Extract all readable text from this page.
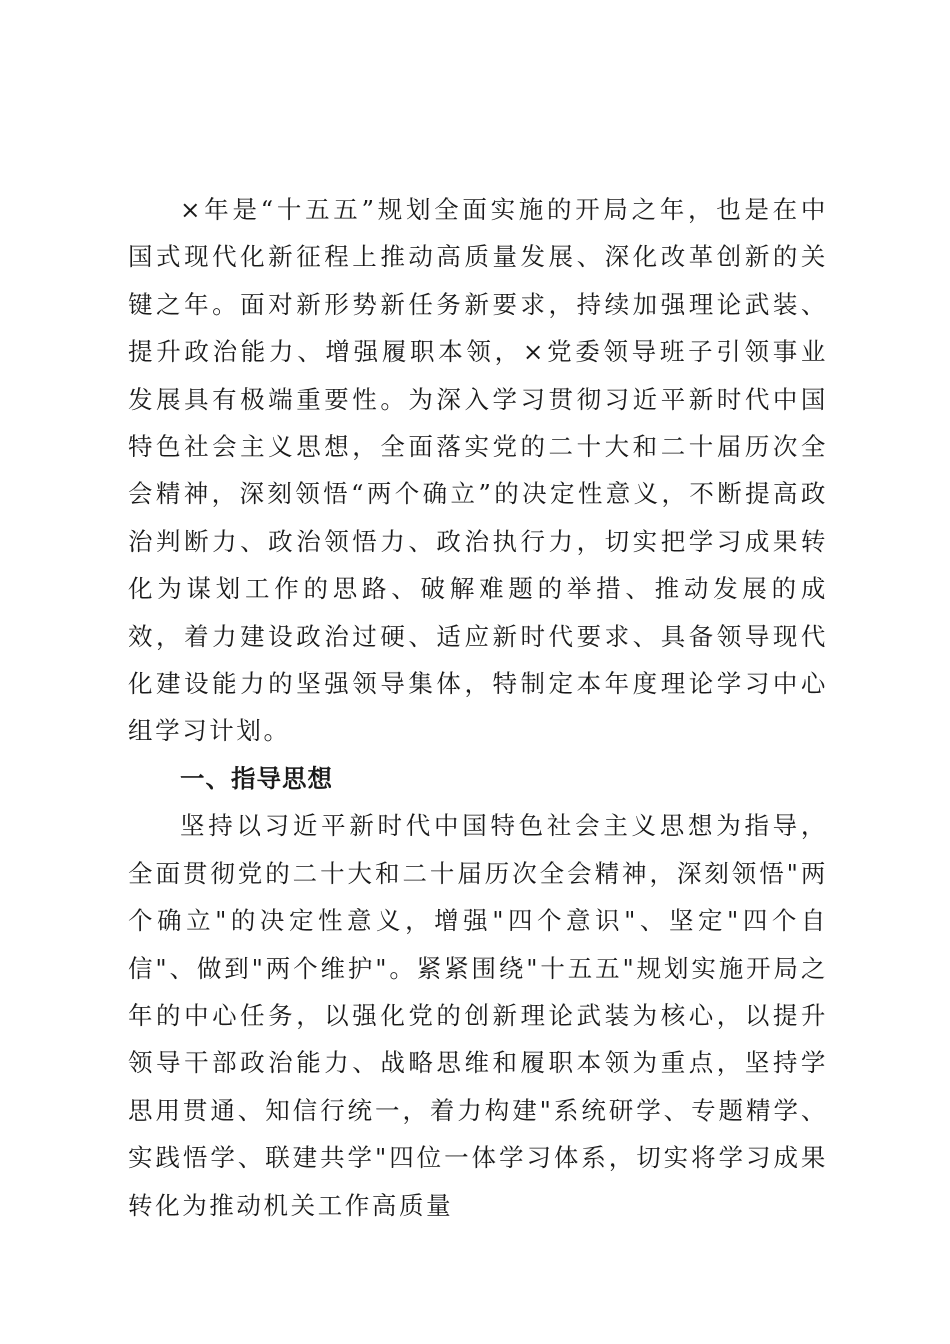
×年是“十五五”规划全面实施的开局之年，也是在中国式现代化新征程上推动高质量发展、深化改革创新的关键之年。面对新形势新任务新要求，持续加强理论武装、提升政治能力、增强履职本领，×党委领导班子引领事业发展具有极端重要性。为深入学习贯彻习近平新时代中国特色社会主义思想，全面落实党的二十大和二十届历次全会精神，深刻领悟“两个确立”的决定性意义，不断提高政治判断力、政治领悟力、政治执行力，切实把学习成果转化为谋划工作的思路、破解难题的举措、推动发展的成效，着力建设政治过硬、适应新时代要求、具备领导现代化建设能力的坚强领导集体，特制定本年度理论学习中心组学习计划。

一、指导思想

坚持以习近平新时代中国特色社会主义思想为指导，全面贯彻党的二十大和二十届历次全会精神，深刻领悟"两个确立"的决定性意义，增强"四个意识"、坚定"四个自信"、做到"两个维护"。紧紧围绕"十五五"规划实施开局之年的中心任务，以强化党的创新理论武装为核心，以提升领导干部政治能力、战略思维和履职本领为重点，坚持学思用贯通、知信行统一，着力构建"系统研学、专题精学、实践悟学、联建共学"四位一体学习体系，切实将学习成果转化为推动机关工作高质量
